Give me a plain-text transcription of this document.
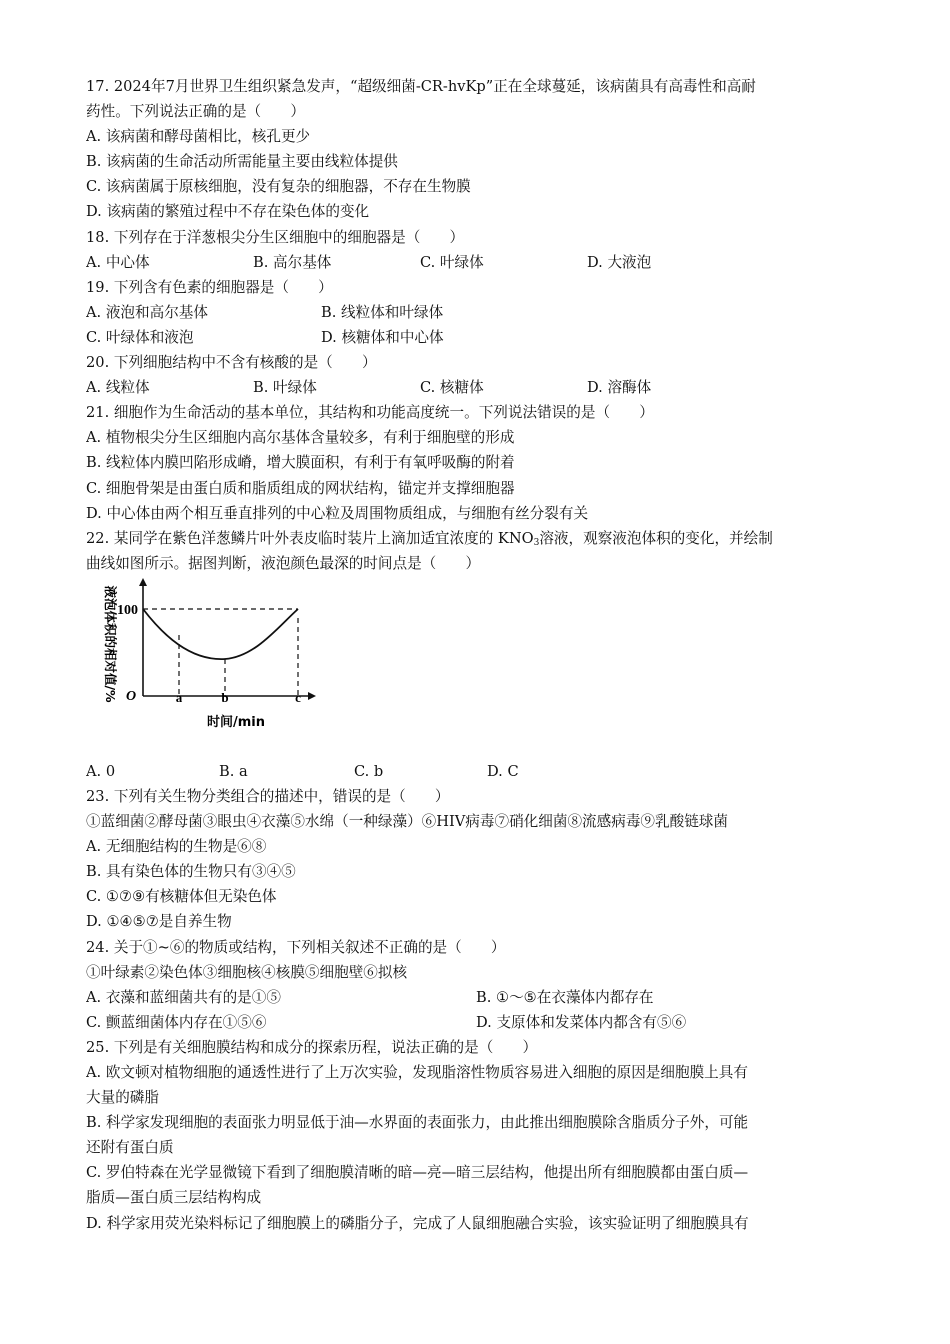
17. 2024年7月世界卫生组织紧急发声，“超级细菌-CR-hvKp”正在全球蔓延，该病菌具有高毒性和高耐
药性。下列说法正确的是（　　）
A. 该病菌和酵母菌相比，核孔更少
B. 该病菌的生命活动所需能量主要由线粒体提供
C. 该病菌属于原核细胞，没有复杂的细胞器，不存在生物膜
D. 该病菌的繁殖过程中不存在染色体的变化
18. 下列存在于洋葱根尖分生区细胞中的细胞器是（　　）
A. 中心体	B. 高尔基体	C. 叶绿体	D. 大液泡
19. 下列含有色素的细胞器是（　　）
A. 液泡和高尔基体	B. 线粒体和叶绿体
C. 叶绿体和液泡	D. 核糖体和中心体
20. 下列细胞结构中不含有核酸的是（　　）
A. 线粒体	B. 叶绿体	C. 核糖体	D. 溶酶体
21. 细胞作为生命活动的基本单位，其结构和功能高度统一。下列说法错误的是（　　）
A. 植物根尖分生区细胞内高尔基体含量较多，有利于细胞壁的形成
B. 线粒体内膜凹陷形成嵴，增大膜面积，有利于有氧呼吸酶的附着
C. 细胞骨架是由蛋白质和脂质组成的网状结构，锚定并支撑细胞器
D. 中心体由两个相互垂直排列的中心粒及周围物质组成，与细胞有丝分裂有关
22. 某同学在紫色洋葱鳞片叶外表皮临时装片上滴加适宜浓度的 $KNO_3$溶液，观察液泡体积的变化，并绘制
曲线如图所示。据图判断，液泡颜色最深的时间点是（　　）
100
O	a	b	c
时间/min
液泡体积的相对值/%
A. 0	B. a	C. b	D. C
23. 下列有关生物分类组合的描述中，错误的是（　　）
①蓝细菌②酵母菌③眼虫④衣藻⑤水绵（一种绿藻）⑥HIV病毒⑦硝化细菌⑧流感病毒⑨乳酸链球菌
A. 无细胞结构的生物是⑥⑧
B. 具有染色体的生物只有③④⑤
C. ①⑦⑨有核糖体但无染色体
D. ①④⑤⑦是自养生物
24. 关于①~⑥的物质或结构，下列相关叙述不正确的是（　　）
①叶绿素②染色体③细胞核④核膜⑤细胞壁⑥拟核
A. 衣藻和蓝细菌共有的是①⑤	B. ①～⑤在衣藻体内都存在
C. 颤蓝细菌体内存在①⑤⑥	D. 支原体和发菜体内都含有⑤⑥
25. 下列是有关细胞膜结构和成分的探索历程，说法正确的是（　　）
A. 欧文顿对植物细胞的通透性进行了上万次实验，发现脂溶性物质容易进入细胞的原因是细胞膜上具有
大量的磷脂
B. 科学家发现细胞的表面张力明显低于油—水界面的表面张力，由此推出细胞膜除含脂质分子外，可能
还附有蛋白质
C. 罗伯特森在光学显微镜下看到了细胞膜清晰的暗—亮—暗三层结构，他提出所有细胞膜都由蛋白质—
脂质—蛋白质三层结构构成
D. 科学家用荧光染料标记了细胞膜上的磷脂分子，完成了人鼠细胞融合实验，该实验证明了细胞膜具有
